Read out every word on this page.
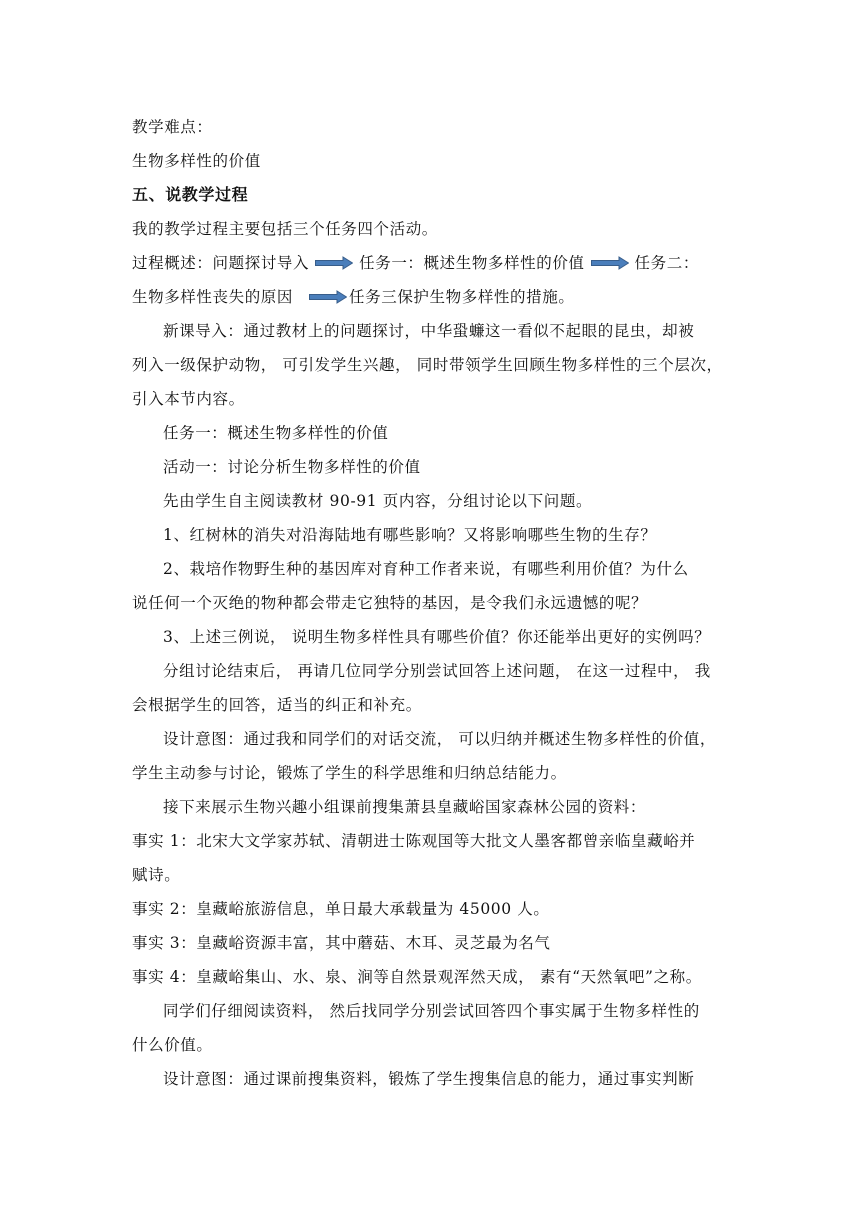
教学难点：
生物多样性的价值
五、说教学过程
我的教学过程主要包括三个任务四个活动。
过程概述：问题探讨导入	任务一：概述生物多样性的价值	任务二：
生物多样性丧失的原因	任务三保护生物多样性的措施。
新课导入：通过教材上的问题探讨，中华蛩蠊这一看似不起眼的昆虫，却被
列入一级保护动物， 可引发学生兴趣， 同时带领学生回顾生物多样性的三个层次，
引入本节内容。
任务一：概述生物多样性的价值
活动一：讨论分析生物多样性的价值
先由学生自主阅读教材 90-91 页内容，分组讨论以下问题。
1、红树林的消失对沿海陆地有哪些影响？又将影响哪些生物的生存？
2、栽培作物野生种的基因库对育种工作者来说，有哪些利用价值？为什么
说任何一个灭绝的物种都会带走它独特的基因，是令我们永远遗憾的呢？
3、上述三例说， 说明生物多样性具有哪些价值？你还能举出更好的实例吗？
分组讨论结束后， 再请几位同学分别尝试回答上述问题， 在这一过程中， 我
会根据学生的回答，适当的纠正和补充。
设计意图：通过我和同学们的对话交流， 可以归纳并概述生物多样性的价值，
学生主动参与讨论，锻炼了学生的科学思维和归纳总结能力。
接下来展示生物兴趣小组课前搜集萧县皇藏峪国家森林公园的资料：
事实 1：北宋大文学家苏轼、清朝进士陈观国等大批文人墨客都曾亲临皇藏峪并
赋诗。
事实 2：皇藏峪旅游信息，单日最大承载量为 45000 人。
事实 3：皇藏峪资源丰富，其中蘑菇、木耳、灵芝最为名气
事实 4：皇藏峪集山、水、泉、涧等自然景观浑然天成， 素有“天然氧吧”之称。
同学们仔细阅读资料， 然后找同学分别尝试回答四个事实属于生物多样性的
什么价值。
设计意图：通过课前搜集资料，锻炼了学生搜集信息的能力，通过事实判断
